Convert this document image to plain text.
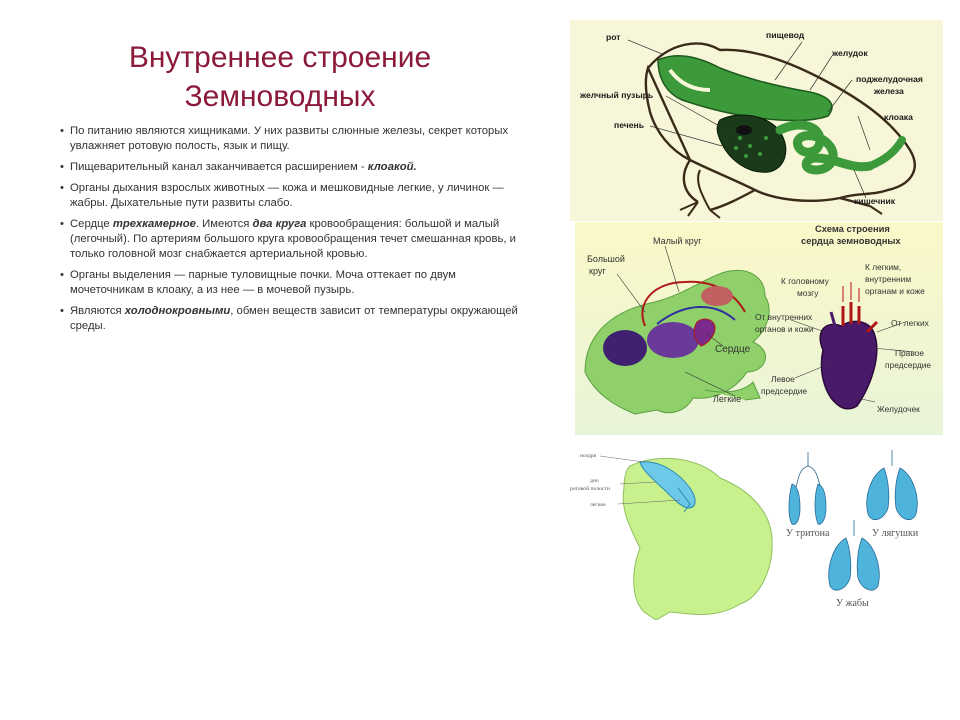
Внутреннее строение
Земноводных
• По питанию являются хищниками. У них развиты слюнные железы, секрет которых увлажняет ротовую полость, язык и пищу.
• Пищеварительный канал заканчивается расширением - клоакой.
• Органы дыхания взрослых животных — кожа и мешковидные легкие, у личинок — жабры. Дыхательные пути развиты слабо.
• Сердце трехкамерное. Имеются два круга кровообращения: большой и малый (легочный). По артериям большого круга кровообращения течет смешанная кровь, и только головной мозг снабжается артериальной кровью.
• Органы выделения — парные туловищные почки. Моча оттекает по двум мочеточникам в клоаку, а из нее — в мочевой пузырь.
• Являются холоднокровными, обмен веществ зависит от температуры окружающей среды.
рот	пищевод
желудок
поджелудочная
железа
желчный пузырь
печень
клоака
кишечник
Малый круг
Большой
круг
Сердце
Легкие
Схема строения
сердца земноводных
К головному
мозгу
К легким,
внутренним
органам и коже
От внутренних
органов и кожи
От легких
Правое
предсердие
Левое
предсердие
Желудочек
ноздря
дно
ротовой полости
легкие
У тритона	У лягушки
У жабы
